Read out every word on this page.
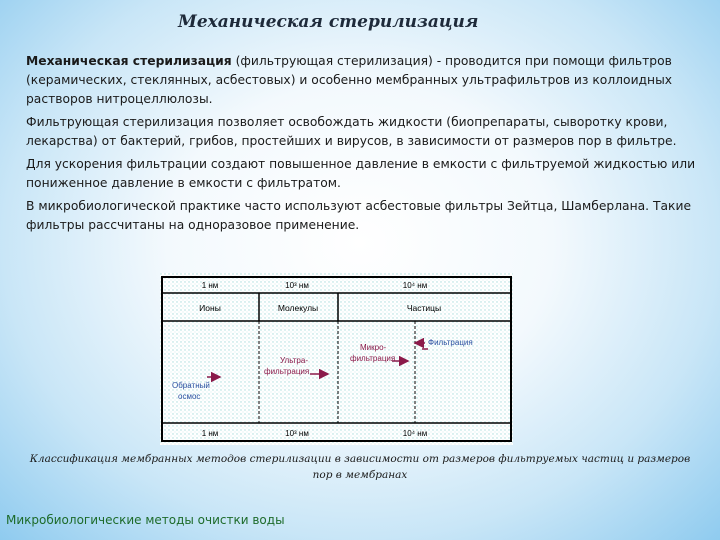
Механическая стерилизация

Механическая стерилизация (фильтрующая стерилизация) - проводится при помощи фильтров (керамических, стеклянных, асбестовых) и особенно мембранных ультрафильтров из коллоидных растворов нитроцеллюлозы.

Фильтрующая стерилизация позволяет освобождать жидкости (биопрепараты, сыворотку крови, лекарства) от бактерий, грибов, простейших и вирусов, в зависимости от размеров пор в фильтре.

Для ускорения фильтрации создают повышенное давление в емкости с фильтруемой жидкостью или пониженное давление в емкости с фильтратом.

В микробиологической практике часто используют асбестовые фильтры Зейтца, Шамберлана. Такие фильтры рассчитаны на одноразовое применение.

1 нм	10³ нм	10⁴ нм
Ионы	Молекулы	Частицы
Обратный
осмос
Ультра-
фильтрация
Микро-
фильтрация
Фильтрация
1 нм	10³ нм	10⁴ нм
Классификация мембранных методов стерилизации в зависимости от размеров фильтруемых частиц и размеров пор в мембранах
Микробиологические методы очистки воды
